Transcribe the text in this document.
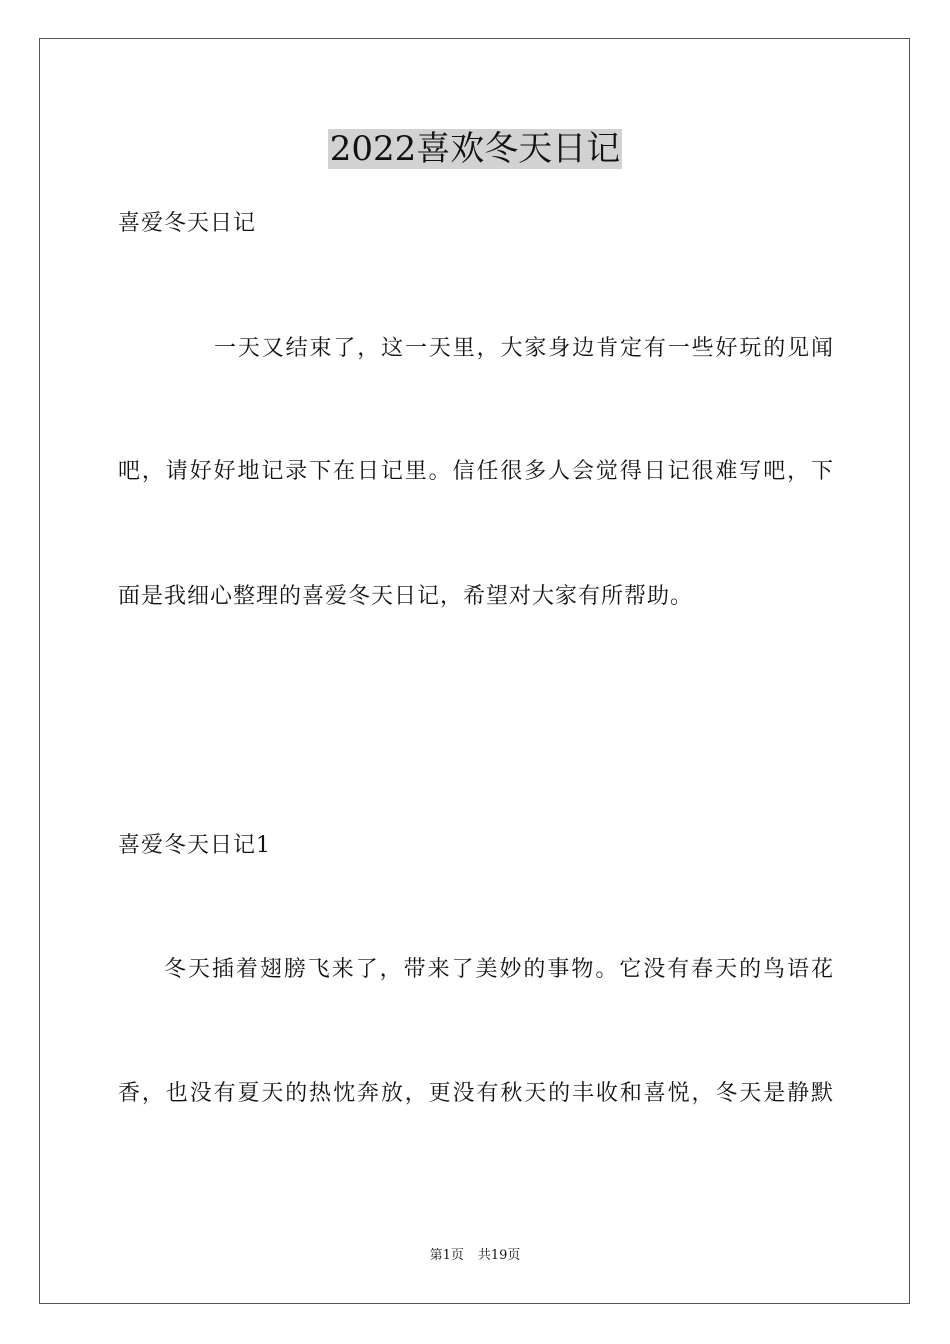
2022喜欢冬天日记
喜爱冬天日记
一天又结束了，这一天里，大家身边肯定有一些好玩的见闻
吧，请好好地记录下在日记里。信任很多人会觉得日记很难写吧，下
面是我细心整理的喜爱冬天日记，希望对大家有所帮助。
喜爱冬天日记1
冬天插着翅膀飞来了，带来了美妙的事物。它没有春天的鸟语花
香，也没有夏天的热忱奔放，更没有秋天的丰收和喜悦，冬天是静默
第1页 共19页
